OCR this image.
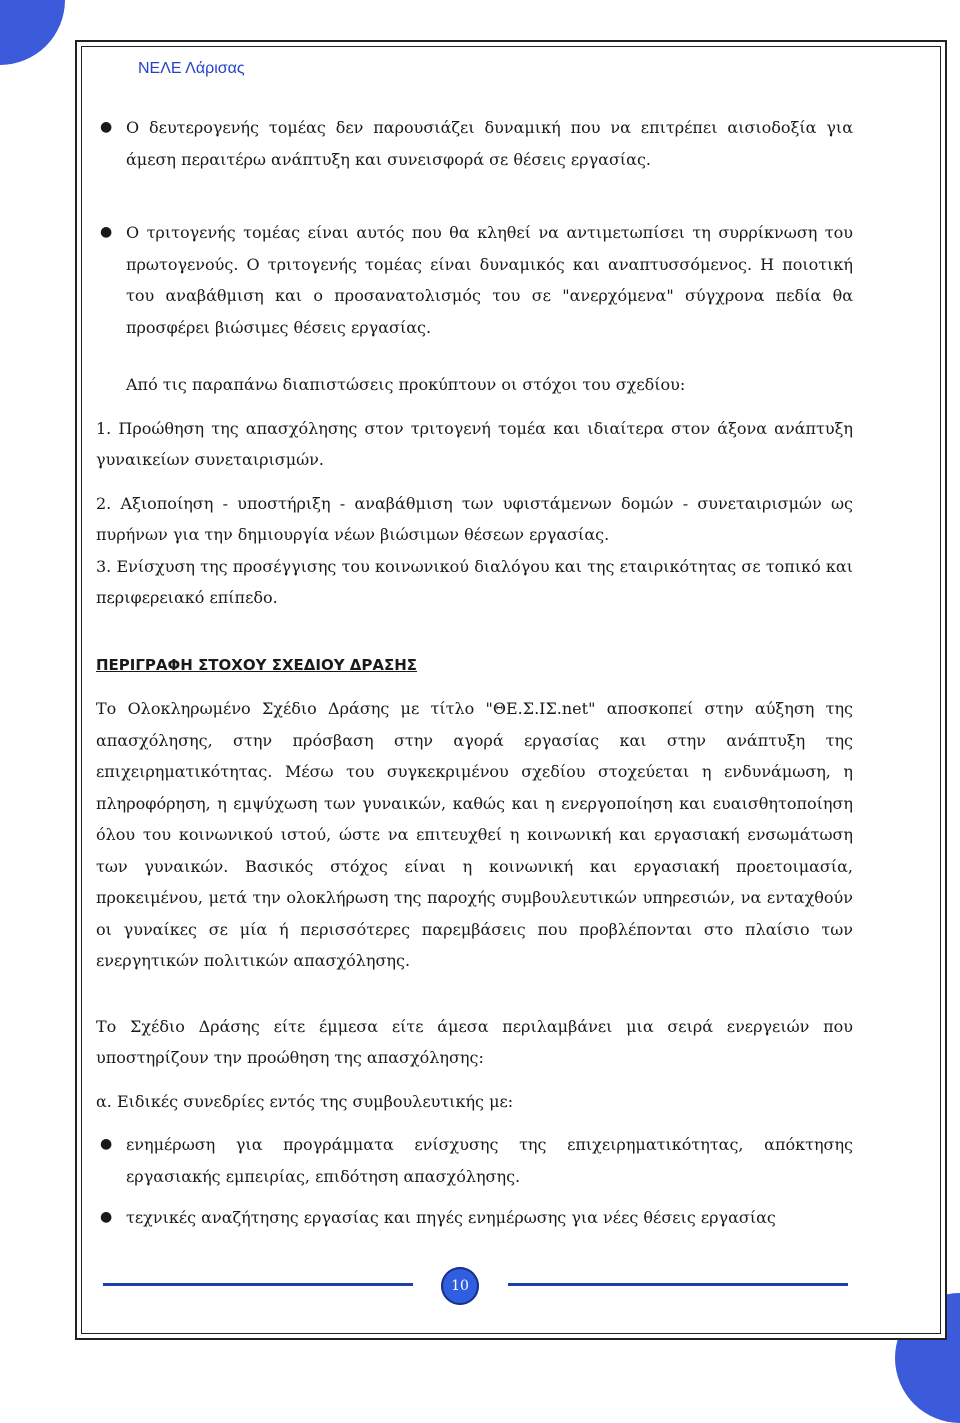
ΝΕΛΕ Λάρισας
● Ο δευτερογενής τομέας δεν παρουσιάζει δυναμική που να επιτρέπει αισιοδοξία για άμεση περαιτέρω ανάπτυξη και συνεισφορά σε θέσεις εργασίας.
● Ο τριτογενής τομέας είναι αυτός που θα κληθεί να αντιμετωπίσει τη συρρίκνωση του πρωτογενούς. Ο τριτογενής τομέας είναι δυναμικός και αναπτυσσόμενος. Η ποιοτική του αναβάθμιση και ο προσανατολισμός του σε "ανερχόμενα" σύγχρονα πεδία θα προσφέρει βιώσιμες θέσεις εργασίας.

Από τις παραπάνω διαπιστώσεις προκύπτουν οι στόχοι του σχεδίου:

1. Προώθηση της απασχόλησης στον τριτογενή τομέα και ιδιαίτερα στον άξονα ανάπτυξη γυναικείων συνεταιρισμών.

2. Αξιοποίηση - υποστήριξη - αναβάθμιση των υφιστάμενων δομών - συνεταιρισμών ως πυρήνων για την δημιουργία νέων βιώσιμων θέσεων εργασίας.

3. Ενίσχυση της προσέγγισης του κοινωνικού διαλόγου και της εταιρικότητας σε τοπικό και περιφερειακό επίπεδο.

ΠΕΡΙΓΡΑΦΗ ΣΤΟΧΟΥ ΣΧΕΔΙΟΥ ΔΡΑΣΗΣ

Το Ολοκληρωμένο Σχέδιο Δράσης με τίτλο "ΘΕ.Σ.ΙΣ.net" αποσκοπεί στην αύξηση της απασχόλησης, στην πρόσβαση στην αγορά εργασίας και στην ανάπτυξη της επιχειρηματικότητας. Μέσω του συγκεκριμένου σχεδίου στοχεύεται η ενδυνάμωση, η πληροφόρηση, η εμψύχωση των γυναικών, καθώς και η ενεργοποίηση και ευαισθητοποίηση όλου του κοινωνικού ιστού, ώστε να επιτευχθεί η κοινωνική και εργασιακή ενσωμάτωση των γυναικών. Βασικός στόχος είναι η κοινωνική και εργασιακή προετοιμασία, προκειμένου, μετά την ολοκλήρωση της παροχής συμβουλευτικών υπηρεσιών, να ενταχθούν οι γυναίκες σε μία ή περισσότερες παρεμβάσεις που προβλέπονται στο πλαίσιο των ενεργητικών πολιτικών απασχόλησης.

Το Σχέδιο Δράσης είτε έμμεσα είτε άμεσα περιλαμβάνει μια σειρά ενεργειών που υποστηρίζουν την προώθηση της απασχόλησης:

α. Ειδικές συνεδρίες εντός της συμβουλευτικής με:

● ενημέρωση για προγράμματα ενίσχυσης της επιχειρηματικότητας, απόκτησης εργασιακής εμπειρίας, επιδότηση απασχόλησης.
● τεχνικές αναζήτησης εργασίας και πηγές ενημέρωσης για νέες θέσεις εργασίας
10
